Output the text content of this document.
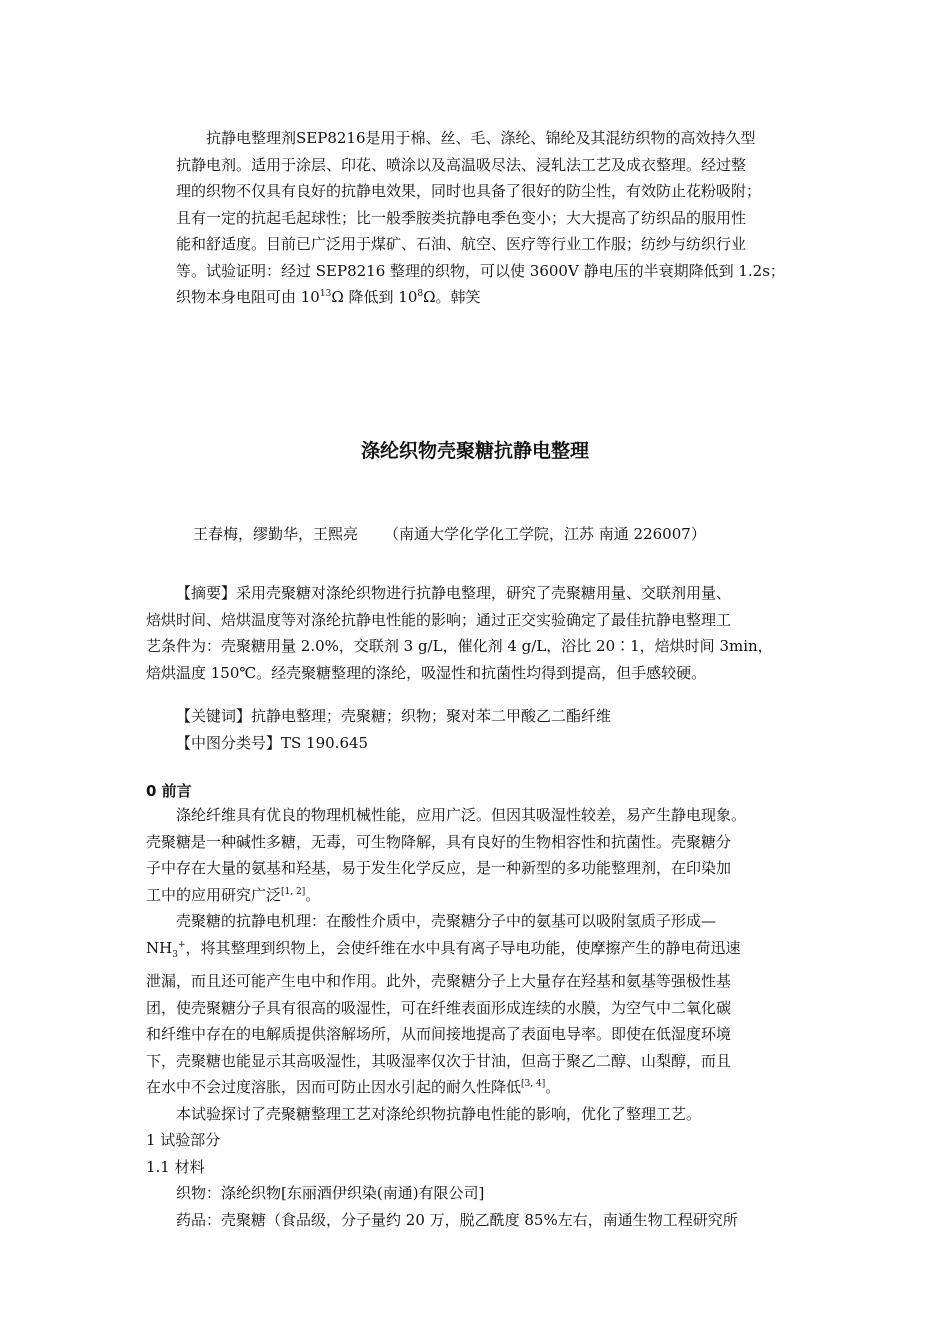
抗静电整理剂SEP8216是用于棉、丝、毛、涤纶、锦纶及其混纺织物的高效持久型
抗静电剂。适用于涂层、印花、喷涂以及高温吸尽法、浸轧法工艺及成衣整理。经过整
理的织物不仅具有良好的抗静电效果，同时也具备了很好的防尘性，有效防止花粉吸附；
且有一定的抗起毛起球性；比一般季胺类抗静电季色变小；大大提高了纺织品的服用性
能和舒适度。目前已广泛用于煤矿、石油、航空、医疗等行业工作服；纺纱与纺织行业
等。试验证明：经过 SEP8216 整理的织物，可以使 3600V 静电压的半衰期降低到 1.2s；
织物本身电阻可由 $10^{13}\Omega$ 降低到 $10^8\Omega$。韩笑
涤纶织物壳聚糖抗静电整理
王春梅，缪勤华，王熙亮 （南通大学化学化工学院，江苏 南通 226007）
【摘要】采用壳聚糖对涤纶织物进行抗静电整理，研究了壳聚糖用量、交联剂用量、
焙烘时间、焙烘温度等对涤纶抗静电性能的影响；通过正交实验确定了最佳抗静电整理工
艺条件为：壳聚糖用量 2.0%，交联剂 3 g/L，催化剂 4 g/L，浴比 20∶1，焙烘时间 3min，
焙烘温度 150℃。经壳聚糖整理的涤纶，吸湿性和抗菌性均得到提高，但手感较硬。
【关键词】抗静电整理；壳聚糖；织物；聚对苯二甲酸乙二酯纤维
【中图分类号】TS 190.645
0 前言
涤纶纤维具有优良的物理机械性能，应用广泛。但因其吸湿性较差，易产生静电现象。
壳聚糖是一种碱性多糖，无毒，可生物降解，具有良好的生物相容性和抗菌性。壳聚糖分
子中存在大量的氨基和羟基，易于发生化学反应，是一种新型的多功能整理剂，在印染加
工中的应用研究广泛[1, 2]。
壳聚糖的抗静电机理：在酸性介质中，壳聚糖分子中的氨基可以吸附氢质子形成—
$NH_3^+$，将其整理到织物上，会使纤维在水中具有离子导电功能，使摩擦产生的静电荷迅速
泄漏，而且还可能产生电中和作用。此外，壳聚糖分子上大量存在羟基和氨基等强极性基
团，使壳聚糖分子具有很高的吸湿性，可在纤维表面形成连续的水膜，为空气中二氧化碳
和纤维中存在的电解质提供溶解场所，从而间接地提高了表面电导率。即使在低湿度环境
下，壳聚糖也能显示其高吸湿性，其吸湿率仅次于甘油，但高于聚乙二醇、山梨醇，而且
在水中不会过度溶胀，因而可防止因水引起的耐久性降低[3, 4]。
本试验探讨了壳聚糖整理工艺对涤纶织物抗静电性能的影响，优化了整理工艺。
1 试验部分
1.1 材料
织物：涤纶织物[东丽酒伊织染(南通)有限公司]
药品：壳聚糖（食品级，分子量约 20 万，脱乙酰度 85%左右，南通生物工程研究所
